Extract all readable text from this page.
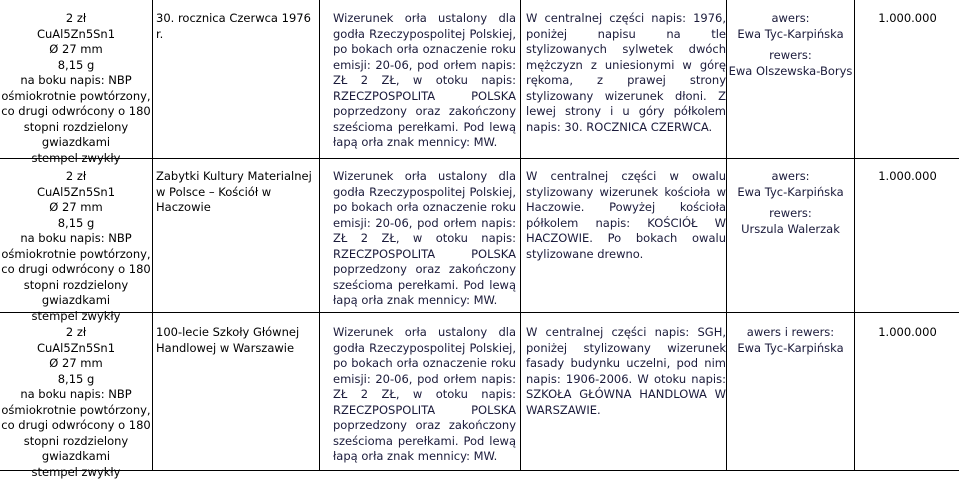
2 zł
CuAl5Zn5Sn1
Ø 27 mm
8,15 g
na boku napis: NBP
ośmiokrotnie powtórzony,
co drugi odwrócony o 180
stopni rozdzielony
gwiazdkami
stempel zwykły
30. rocznica Czerwca 1976 r.
Wizerunek orła ustalony dla godła Rzeczypospolitej Polskiej, po bokach orła oznaczenie roku emisji: 20-06, pod orłem napis: ZŁ 2 ZŁ, w otoku napis: RZECZPOSPOLITA POLSKA poprzedzony oraz zakończony sześcioma perełkami. Pod lewą łapą orła znak mennicy: MW.
W centralnej części napis: 1976, poniżej napisu na tle stylizowanych sylwetek dwóch mężczyzn z uniesionymi w górę rękoma, z prawej strony stylizowany wizerunek dłoni. Z lewej strony i u góry półkolem napis: 30. ROCZNICA CZERWCA.
awers:
Ewa Tyc-Karpińska
rewers:
Ewa Olszewska-Borys
1.000.000
2 zł
CuAl5Zn5Sn1
Ø 27 mm
8,15 g
na boku napis: NBP
ośmiokrotnie powtórzony,
co drugi odwrócony o 180
stopni rozdzielony
gwiazdkami
stempel zwykły
Zabytki Kultury Materialnej w Polsce – Kościół w Haczowie
Wizerunek orła ustalony dla godła Rzeczypospolitej Polskiej, po bokach orła oznaczenie roku emisji: 20-06, pod orłem napis: ZŁ 2 ZŁ, w otoku napis: RZECZPOSPOLITA POLSKA poprzedzony oraz zakończony sześcioma perełkami. Pod lewą łapą orła znak mennicy: MW.
W centralnej części w owalu stylizowany wizerunek kościoła w Haczowie. Powyżej kościoła półkolem napis: KOŚCIÓŁ W HACZOWIE. Po bokach owalu stylizowane drewno.
awers:
Ewa Tyc-Karpińska
rewers:
Urszula Walerzak
1.000.000
2 zł
CuAl5Zn5Sn1
Ø 27 mm
8,15 g
na boku napis: NBP
ośmiokrotnie powtórzony,
co drugi odwrócony o 180
stopni rozdzielony
gwiazdkami
stempel zwykły
100-lecie Szkoły Głównej Handlowej w Warszawie
Wizerunek orła ustalony dla godła Rzeczypospolitej Polskiej, po bokach orła oznaczenie roku emisji: 20-06, pod orłem napis: ZŁ 2 ZŁ, w otoku napis: RZECZPOSPOLITA POLSKA poprzedzony oraz zakończony sześcioma perełkami. Pod lewą łapą orła znak mennicy: MW.
W centralnej części napis: SGH, poniżej stylizowany wizerunek fasady budynku uczelni, pod nim napis: 1906-2006. W otoku napis: SZKOŁA GŁÓWNA HANDLOWA W WARSZAWIE.
awers i rewers:
Ewa Tyc-Karpińska
1.000.000
